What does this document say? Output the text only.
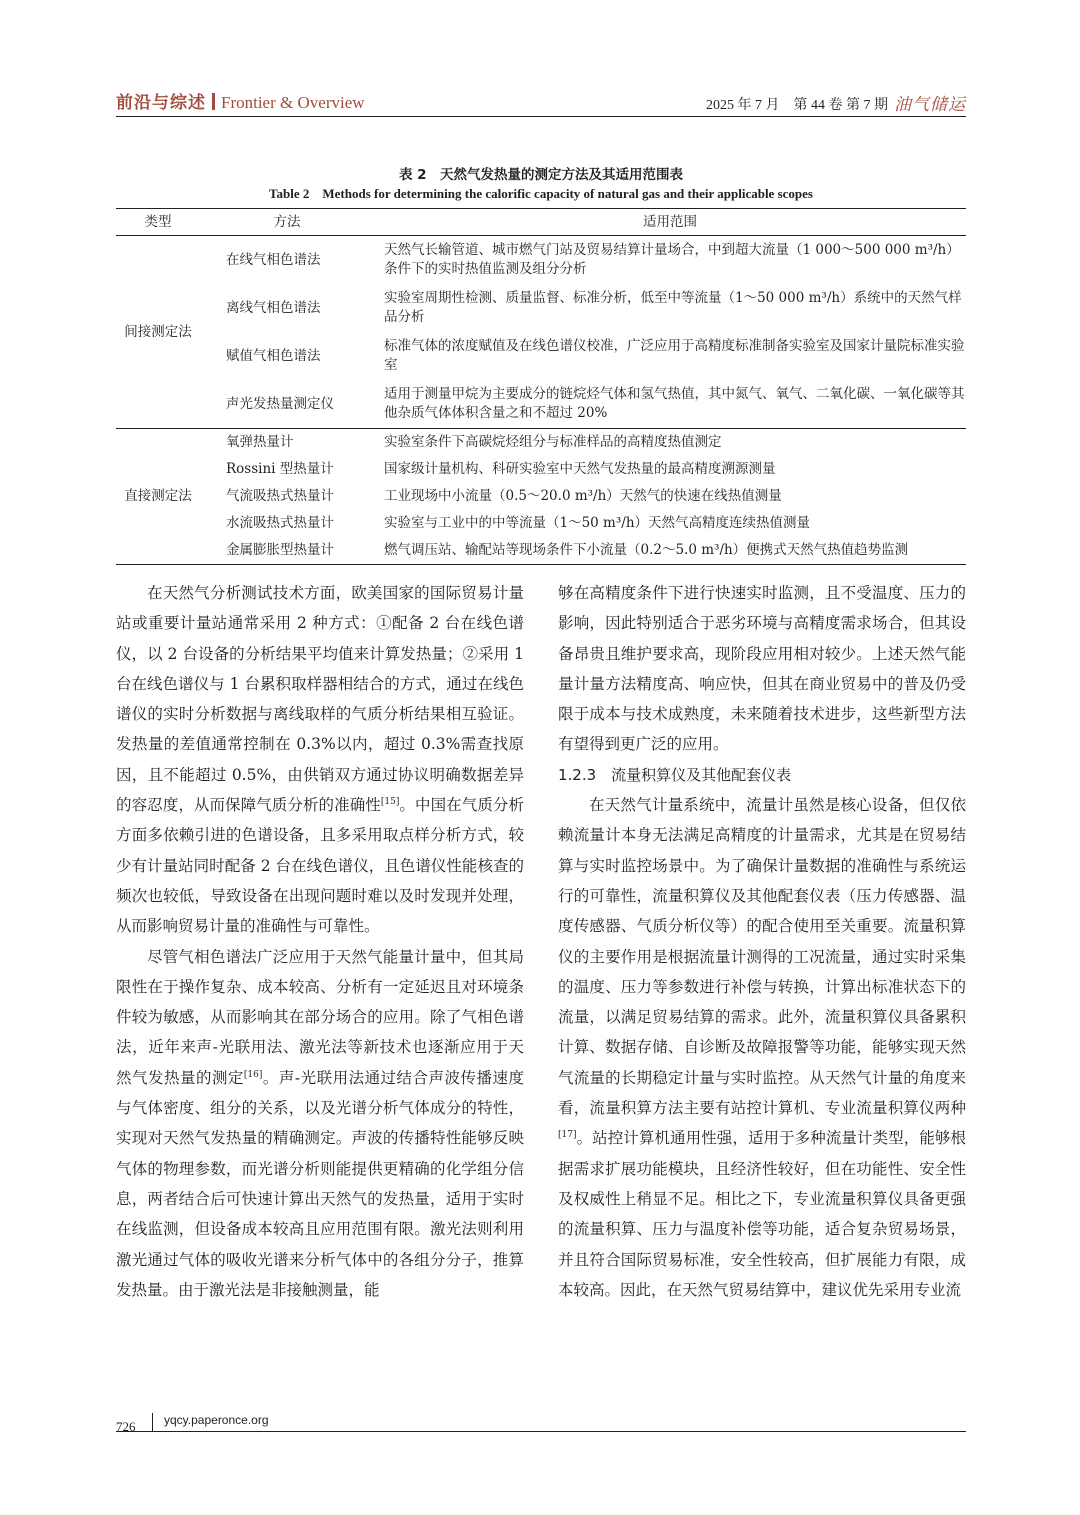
前沿与综述 Frontier & Overview	2025 年 7 月　第 44 卷 第 7 期 油气储运
表 2　天然气发热量的测定方法及其适用范围表
Table 2　Methods for determining the calorific capacity of natural gas and their applicable scopes
类型	方法	适用范围
间接测定法	在线气相色谱法	天然气长输管道、城市燃气门站及贸易结算计量场合，中到超大流量（1 000～500 000 m³/h）条件下的实时热值监测及组分分析
	离线气相色谱法	实验室周期性检测、质量监督、标准分析，低至中等流量（1～50 000 m³/h）系统中的天然气样品分析
	赋值气相色谱法	标准气体的浓度赋值及在线色谱仪校准，广泛应用于高精度标准制备实验室及国家计量院标准实验室
	声光发热量测定仪	适用于测量甲烷为主要成分的链烷烃气体和氢气热值，其中氮气、氧气、二氧化碳、一氧化碳等其他杂质气体体积含量之和不超过 20%
直接测定法	氧弹热量计	实验室条件下高碳烷烃组分与标准样品的高精度热值测定
	Rossini 型热量计	国家级计量机构、科研实验室中天然气发热量的最高精度溯源测量
	气流吸热式热量计	工业现场中小流量（0.5～20.0 m³/h）天然气的快速在线热值测量
	水流吸热式热量计	实验室与工业中的中等流量（1～50 m³/h）天然气高精度连续热值测量
	金属膨胀型热量计	燃气调压站、输配站等现场条件下小流量（0.2～5.0 m³/h）便携式天然气热值趋势监测

在天然气分析测试技术方面，欧美国家的国际贸易计量站或重要计量站通常采用 2 种方式：①配备 2 台在线色谱仪，以 2 台设备的分析结果平均值来计算发热量；②采用 1 台在线色谱仪与 1 台累积取样器相结合的方式，通过在线色谱仪的实时分析数据与离线取样的气质分析结果相互验证。发热量的差值通常控制在 0.3%以内，超过 0.3%需查找原因，且不能超过 0.5%，由供销双方通过协议明确数据差异的容忍度，从而保障气质分析的准确性[15]。中国在气质分析方面多依赖引进的色谱设备，且多采用取点样分析方式，较少有计量站同时配备 2 台在线色谱仪，且色谱仪性能核查的频次也较低，导致设备在出现问题时难以及时发现并处理，从而影响贸易计量的准确性与可靠性。

尽管气相色谱法广泛应用于天然气能量计量中，但其局限性在于操作复杂、成本较高、分析有一定延迟且对环境条件较为敏感，从而影响其在部分场合的应用。除了气相色谱法，近年来声-光联用法、激光法等新技术也逐渐应用于天然气发热量的测定[16]。声-光联用法通过结合声波传播速度与气体密度、组分的关系，以及光谱分析气体成分的特性，实现对天然气发热量的精确测定。声波的传播特性能够反映气体的物理参数，而光谱分析则能提供更精确的化学组分信息，两者结合后可快速计算出天然气的发热量，适用于实时在线监测，但设备成本较高且应用范围有限。激光法则利用激光通过气体的吸收光谱来分析气体中的各组分分子，推算发热量。由于激光法是非接触测量，能

够在高精度条件下进行快速实时监测，且不受温度、压力的影响，因此特别适合于恶劣环境与高精度需求场合，但其设备昂贵且维护要求高，现阶段应用相对较少。上述天然气能量计量方法精度高、响应快，但其在商业贸易中的普及仍受限于成本与技术成熟度，未来随着技术进步，这些新型方法有望得到更广泛的应用。

1.2.3　流量积算仪及其他配套仪表

在天然气计量系统中，流量计虽然是核心设备，但仅依赖流量计本身无法满足高精度的计量需求，尤其是在贸易结算与实时监控场景中。为了确保计量数据的准确性与系统运行的可靠性，流量积算仪及其他配套仪表（压力传感器、温度传感器、气质分析仪等）的配合使用至关重要。流量积算仪的主要作用是根据流量计测得的工况流量，通过实时采集的温度、压力等参数进行补偿与转换，计算出标准状态下的流量，以满足贸易结算的需求。此外，流量积算仪具备累积计算、数据存储、自诊断及故障报警等功能，能够实现天然气流量的长期稳定计量与实时监控。从天然气计量的角度来看，流量积算方法主要有站控计算机、专业流量积算仪两种[17]。站控计算机通用性强，适用于多种流量计类型，能够根据需求扩展功能模块，且经济性较好，但在功能性、安全性及权威性上稍显不足。相比之下，专业流量积算仪具备更强的流量积算、压力与温度补偿等功能，适合复杂贸易场景，并且符合国际贸易标准，安全性较高，但扩展能力有限，成本较高。因此，在天然气贸易结算中，建议优先采用专业流

726 yqcy.paperonce.org
